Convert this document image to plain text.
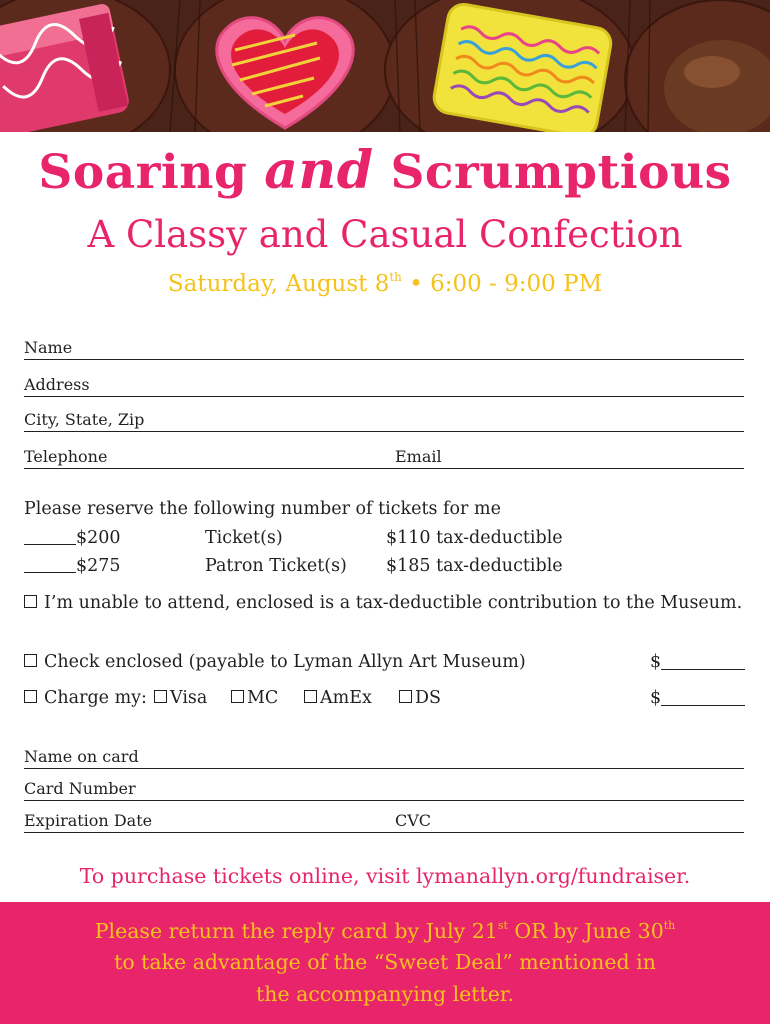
Soaring and Scrumptious
A Classy and Casual Confection
Saturday, August 8th • 6:00 - 9:00 PM
Name
Address
City, State, Zip
Telephone	Email
Please reserve the following number of tickets for me
$200	Ticket(s)	$110 tax-deductible
$275	Patron Ticket(s) $185 tax-deductible
I’m unable to attend, enclosed is a tax-deductible contribution to the Museum.
Check enclosed (payable to Lyman Allyn Art Museum)	$
Charge my:	Visa	MC	AmEx	DS	$
Name on card
Card Number
Expiration Date	CVC
To purchase tickets online, visit lymanallyn.org/fundraiser.
Please return the reply card by July 21st OR by June 30th
to take advantage of the “Sweet Deal” mentioned in
the accompanying letter.
